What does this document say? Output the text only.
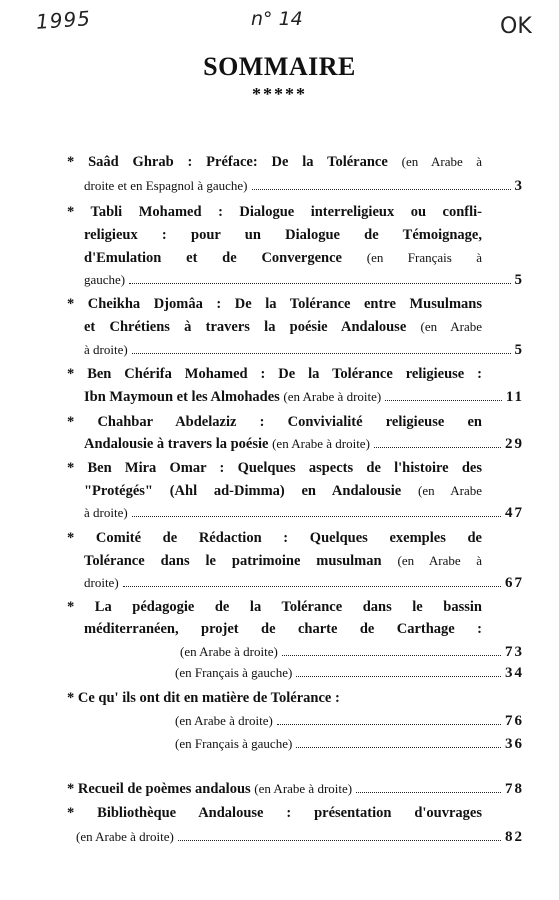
1995	n° 14	OK
SOMMAIRE
*****
* Saâd Ghrab : Préface: De la Tolérance (en Arabe à
droite et en Espagnol à gauche)	3
* Tabli Mohamed : Dialogue interreligieux ou confli-
religieux : pour un Dialogue de Témoignage,
d'Emulation et de Convergence (en Français à
gauche)	5
* Cheikha Djomâa : De la Tolérance entre Musulmans
et Chrétiens à travers la poésie Andalouse (en Arabe
à droite)	5
* Ben Chérifa Mohamed : De la Tolérance religieuse :
Ibn Maymoun et les Almohades
(en Arabe à droite)	11
* Chahbar Abdelaziz : Convivialité religieuse en
Andalousie à travers la poésie
(en Arabe à droite)	29
* Ben Mira Omar : Quelques aspects de l'histoire des
"Protégés" (Ahl ad-Dimma) en Andalousie (en Arabe
à droite)	47
* Comité de Rédaction : Quelques exemples de
Tolérance dans le patrimoine musulman (en Arabe à
droite)	67
* La pédagogie de la Tolérance dans le bassin
méditerranéen, projet de charte de Carthage :
(en Arabe à droite)	73
(en Français à gauche)	34
* Ce qu' ils ont dit en matière de Tolérance :
(en Arabe à droite)	76
(en Français à gauche)	36
* Recueil de poèmes andalous
(en Arabe à droite)	78
* Bibliothèque Andalouse : présentation d'ouvrages
(en Arabe à droite)	82
